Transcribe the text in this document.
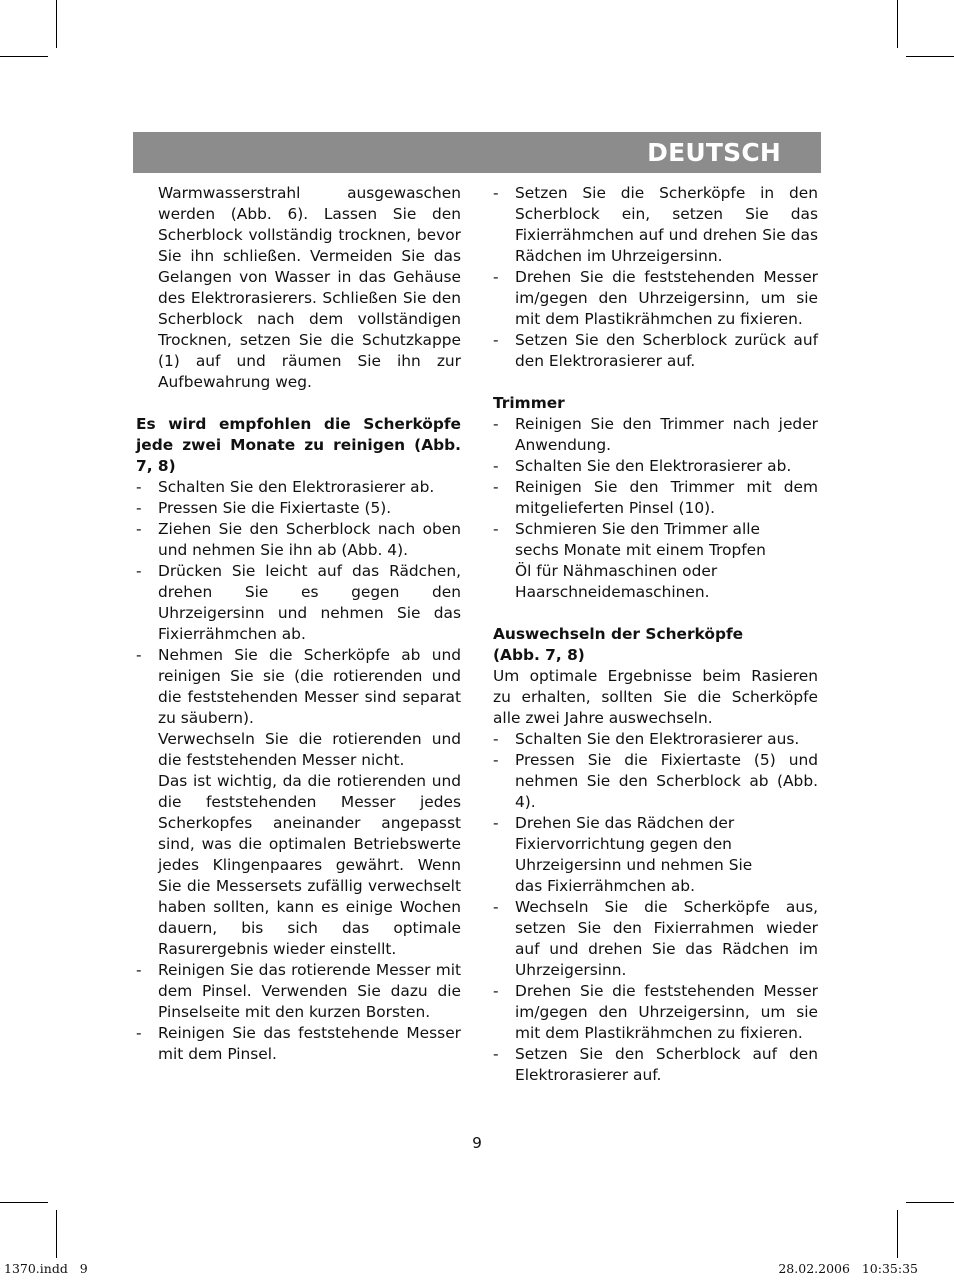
DEUTSCH
Warmwasserstrahl ausgewaschen werden (Abb. 6). Lassen Sie den Scherblock vollständig trocknen, bevor Sie ihn schließen. Vermeiden Sie das Gelangen von Wasser in das Gehäuse des Elektrorasierers. Schließen Sie den Scherblock nach dem vollständigen Trocknen, setzen Sie die Schutzkappe (1) auf und räumen Sie ihn zur Aufbewahrung weg.
Es wird empfohlen die Scherköpfe jede zwei Monate zu reinigen (Abb. 7, 8)
- Schalten Sie den Elektrorasierer ab.
- Pressen Sie die Fixiertaste (5).
- Ziehen Sie den Scherblock nach oben und nehmen Sie ihn ab (Abb. 4).
- Drücken Sie leicht auf das Rädchen, drehen Sie es gegen den Uhrzeigersinn und nehmen Sie das Fixierrähmchen ab.
- Nehmen Sie die Scherköpfe ab und reinigen Sie sie (die rotierenden und die feststehenden Messer sind separat zu säubern).
Verwechseln Sie die rotierenden und die feststehenden Messer nicht.
Das ist wichtig, da die rotierenden und die feststehenden Messer jedes Scherkopfes aneinander angepasst sind, was die optimalen Betriebswerte jedes Klingenpaares gewährt. Wenn Sie die Messersets zufällig verwechselt haben sollten, kann es einige Wochen dauern, bis sich das optimale Rasurergebnis wieder einstellt.
- Reinigen Sie das rotierende Messer mit dem Pinsel. Verwenden Sie dazu die Pinselseite mit den kurzen Borsten.
- Reinigen Sie das feststehende Messer mit dem Pinsel.
- Setzen Sie die Scherköpfe in den Scherblock ein, setzen Sie das Fixierrähmchen auf und drehen Sie das Rädchen im Uhrzeigersinn.
- Drehen Sie die feststehenden Messer im/gegen den Uhrzeigersinn, um sie mit dem Plastikrähmchen zu fixieren.
- Setzen Sie den Scherblock zurück auf den Elektrorasierer auf.
Trimmer
- Reinigen Sie den Trimmer nach jeder Anwendung.
- Schalten Sie den Elektrorasierer ab.
- Reinigen Sie den Trimmer mit dem mitgelieferten Pinsel (10).
- Schmieren Sie den Trimmer alle sechs Monate mit einem Tropfen Öl für Nähmaschinen oder Haarschneidemaschinen.
Auswechseln der Scherköpfe
(Abb. 7, 8)
Um optimale Ergebnisse beim Rasieren zu erhalten, sollten Sie die Scherköpfe alle zwei Jahre auswechseln.
- Schalten Sie den Elektrorasierer aus.
- Pressen Sie die Fixiertaste (5) und nehmen Sie den Scherblock ab (Abb. 4).
- Drehen Sie das Rädchen der Fixiervorrichtung gegen den Uhrzeigersinn und nehmen Sie das Fixierrähmchen ab.
- Wechseln Sie die Scherköpfe aus, setzen Sie den Fixierrahmen wieder auf und drehen Sie das Rädchen im Uhrzeigersinn.
- Drehen Sie die feststehenden Messer im/gegen den Uhrzeigersinn, um sie mit dem Plastikrähmchen zu fixieren.
- Setzen Sie den Scherblock auf den Elektrorasierer auf.
9
1370.indd   9	28.02.2006   10:35:35
